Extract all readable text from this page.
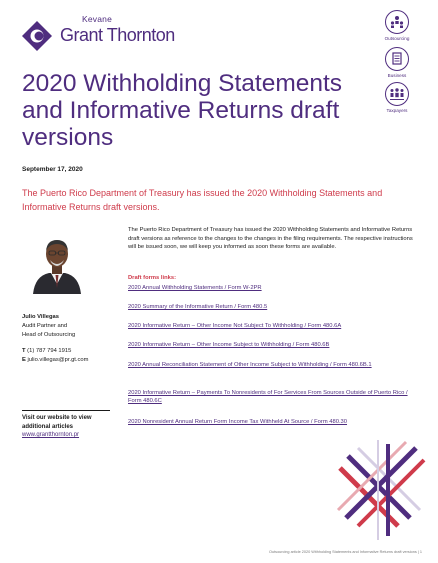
Kevane
Grant Thornton	Outsourcing
Business
Taxpayers
2020 Withholding Statements and Informative Returns draft versions
September 17, 2020
The Puerto Rico Department of Treasury has issued the 2020 Withholding Statements and Informative Returns draft versions.
Julio Villegas
Audit Partner and
Head of Outsourcing
T (1) 787 794 1915
E julio.villegas@pr.gt.com
Visit our website to view additional articles
www.grantthornton.pr
The Puerto Rico Department of Treasury has issued the 2020 Withholding Statements and Informative Returns draft versions as reference to the changes to the changes in the filing requirements. The respective instructions will be issued soon, we will keep you informed as soon these forms are available.
Draft forms links:
2020 Annual Withholding Statements / Form W-2PR
2020 Summary of the Informative Return / Form 480.5
2020 Informative Return – Other Income Not Subject To Withholding / Form 480.6A
2020 Informative Return – Other Income Subject to Withholding / Form 480.6B
2020 Annual Reconciliation Statement of Other Income Subject to Withholding / Form 480.6B.1
2020 Informative Return – Payments To Nonresidents of For Services From Sources Outside of Puerto Rico / Form 480.6C
2020 Nonresident Annual Return Form Income Tax Withheld At Source / Form 480.30
Outsourcing article 2020 Withholding Statements and Informative Returns draft versions | 1
